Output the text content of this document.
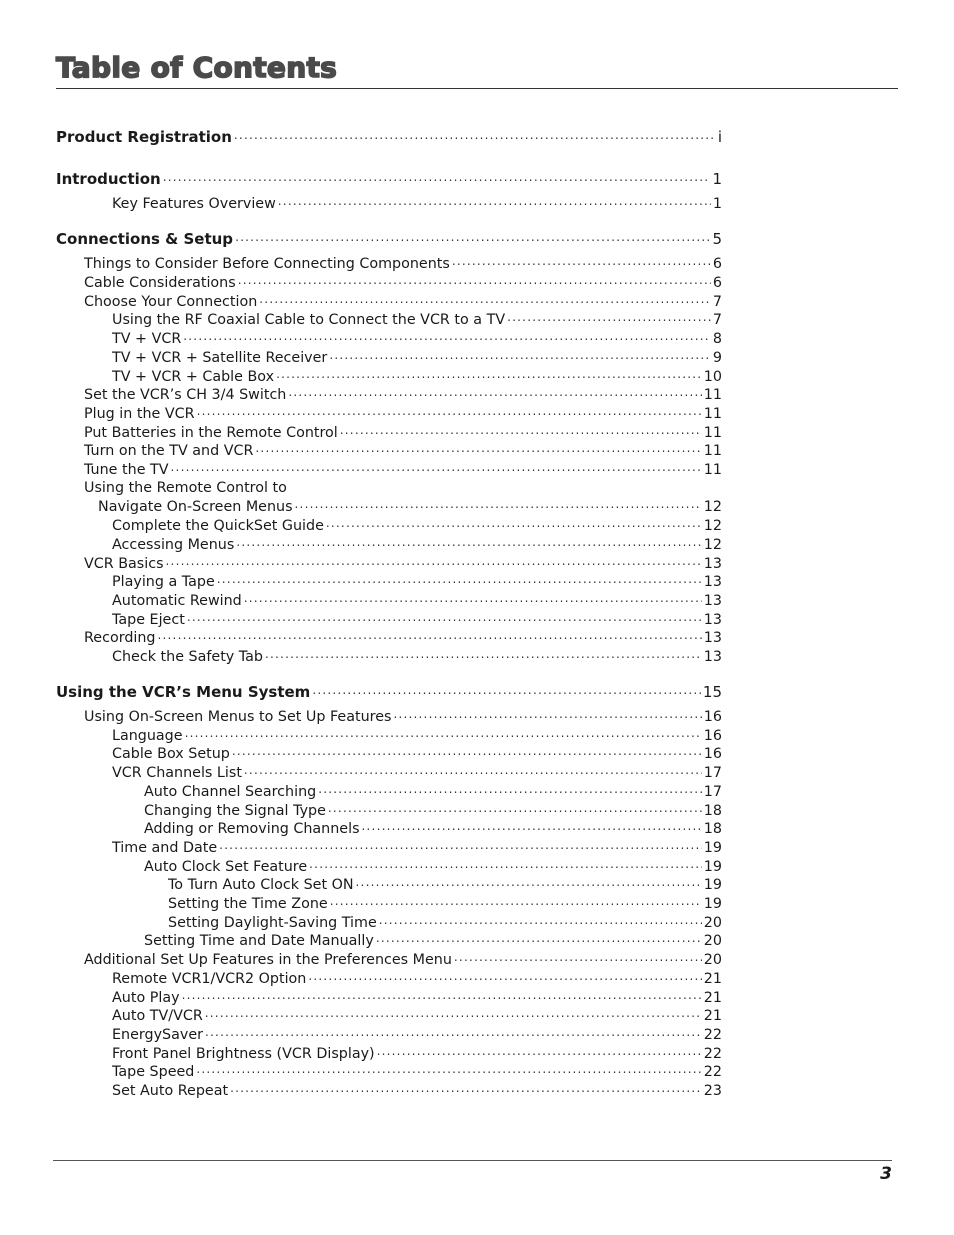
Table of Contents
Product Registration .....	i
Introduction .....	1
Key Features Overview .....	1
Connections & Setup .....	5
Things to Consider Before Connecting Components .....	6
Cable Considerations .....	6
Choose Your Connection .....	7
Using the RF Coaxial Cable to Connect the VCR to a TV .....	7
TV + VCR .....	8
TV + VCR + Satellite Receiver .....	9
TV + VCR + Cable Box .....	10
Set the VCR’s CH 3/4 Switch .....	11
Plug in the VCR .....	11
Put Batteries in the Remote Control .....	11
Turn on the TV and VCR .....	11
Tune the TV .....	11
Using the Remote Control to
Navigate On-Screen Menus .....	12
Complete the QuickSet Guide .....	12
Accessing Menus .....	12
VCR Basics .....	13
Playing a Tape .....	13
Automatic Rewind .....	13
Tape Eject .....	13
Recording .....	13
Check the Safety Tab .....	13
Using the VCR’s Menu System .....	15
Using On-Screen Menus to Set Up Features .....	16
Language .....	16
Cable Box Setup .....	16
VCR Channels List .....	17
Auto Channel Searching .....	17
Changing the Signal Type .....	18
Adding or Removing Channels .....	18
Time and Date .....	19
Auto Clock Set Feature .....	19
To Turn Auto Clock Set ON .....	19
Setting the Time Zone .....	19
Setting Daylight-Saving Time .....	20
Setting Time and Date Manually .....	20
Additional Set Up Features in the Preferences Menu .....	20
Remote VCR1/VCR2 Option .....	21
Auto Play .....	21
Auto TV/VCR .....	21
EnergySaver .....	22
Front Panel Brightness (VCR Display) .....	22
Tape Speed .....	22
Set Auto Repeat .....	23
3
